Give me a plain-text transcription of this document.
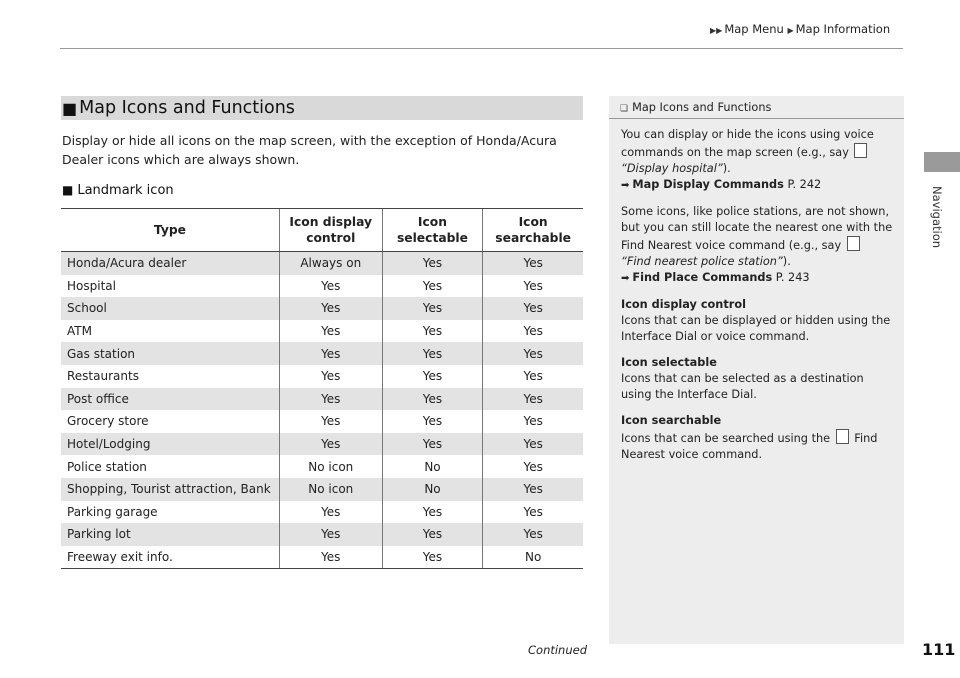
▶▶ Map Menu ▶ Map Information
Navigation
■ Map Icons and Functions
Display or hide all icons on the map screen, with the exception of Honda/Acura Dealer icons which are always shown.
■ Landmark icon
Type	Icon display control	Icon selectable	Icon searchable
Honda/Acura dealer	Always on	Yes	Yes
Hospital	Yes	Yes	Yes
School	Yes	Yes	Yes
ATM	Yes	Yes	Yes
Gas station	Yes	Yes	Yes
Restaurants	Yes	Yes	Yes
Post office	Yes	Yes	Yes
Grocery store	Yes	Yes	Yes
Hotel/Lodging	Yes	Yes	Yes
Police station	No icon	No	Yes
Shopping, Tourist attraction, Bank	No icon	No	Yes
Parking garage	Yes	Yes	Yes
Parking lot	Yes	Yes	Yes
Freeway exit info.	Yes	Yes	No
❏ Map Icons and Functions

You can display or hide the icons using voice commands on the map screen (e.g., say
“Display hospital”).
➡ Map Display Commands P. 242

Some icons, like police stations, are not shown, but you can still locate the nearest one with the Find Nearest voice command (e.g., say  “Find nearest police station”).
➡ Find Place Commands P. 243

Icon display control
Icons that can be displayed or hidden using the Interface Dial or voice command.

Icon selectable
Icons that can be selected as a destination using the Interface Dial.

Icon searchable
Icons that can be searched using the Find Nearest voice command.

Continued	111
